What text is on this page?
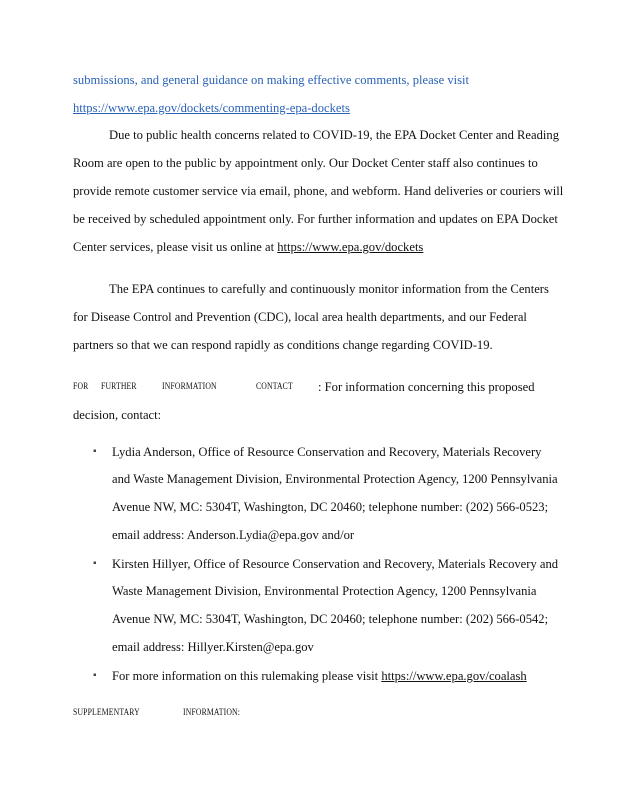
submissions, and general guidance on making effective comments, please visit
https://www.epa.gov/dockets/commenting-epa-dockets
Due to public health concerns related to COVID-19, the EPA Docket Center and Reading
Room are open to the public by appointment only. Our Docket Center staff also continues to
provide remote customer service via email, phone, and webform. Hand deliveries or couriers will
be received by scheduled appointment only. For further information and updates on EPA Docket
Center services, please visit us online at https://www.epa.gov/dockets
The EPA continues to carefully and continuously monitor information from the Centers
for Disease Control and Prevention (CDC), local area health departments, and our Federal
partners so that we can respond rapidly as conditions change regarding COVID-19.
FOR FURTHER	INFORMATION	CONTACT : For information concerning this proposed
decision, contact:
▪ Lydia Anderson, Office of Resource Conservation and Recovery, Materials Recovery
and Waste Management Division, Environmental Protection Agency, 1200 Pennsylvania
Avenue NW, MC: 5304T, Washington, DC 20460; telephone number: (202) 566-0523;
email address: Anderson.Lydia@epa.gov and/or
▪ Kirsten Hillyer, Office of Resource Conservation and Recovery, Materials Recovery and
Waste Management Division, Environmental Protection Agency, 1200 Pennsylvania
Avenue NW, MC: 5304T, Washington, DC 20460; telephone number: (202) 566-0542;
email address: Hillyer.Kirsten@epa.gov
▪ For more information on this rulemaking please visit https://www.epa.gov/coalash
SUPPLEMENTARY	INFORMATION:
